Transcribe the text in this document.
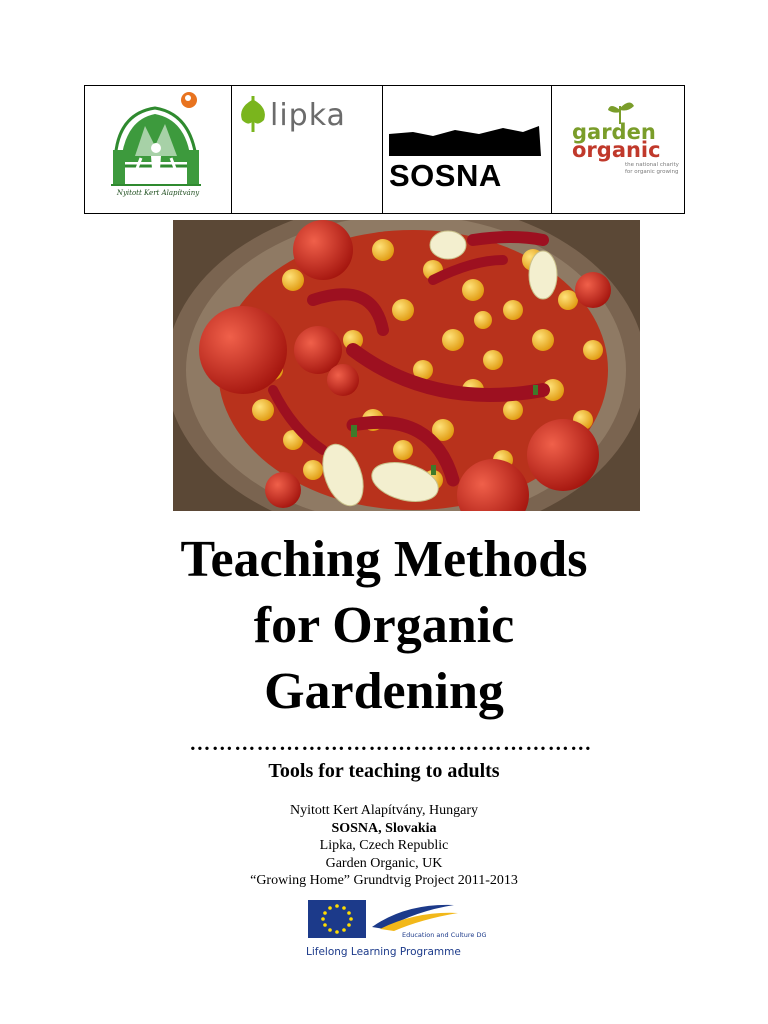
Nyitott Kert Alapítvány
lipka
SOSNA
garden
organic
the national charity for organic growing
Teaching Methods
for Organic
Gardening
………………………………………………
Tools for teaching to adults
Nyitott Kert Alapítvány, Hungary
SOSNA, Slovakia
Lipka, Czech Republic
Garden Organic, UK
“Growing Home” Grundtvig Project 2011-2013
Education and Culture DG
Lifelong Learning Programme
